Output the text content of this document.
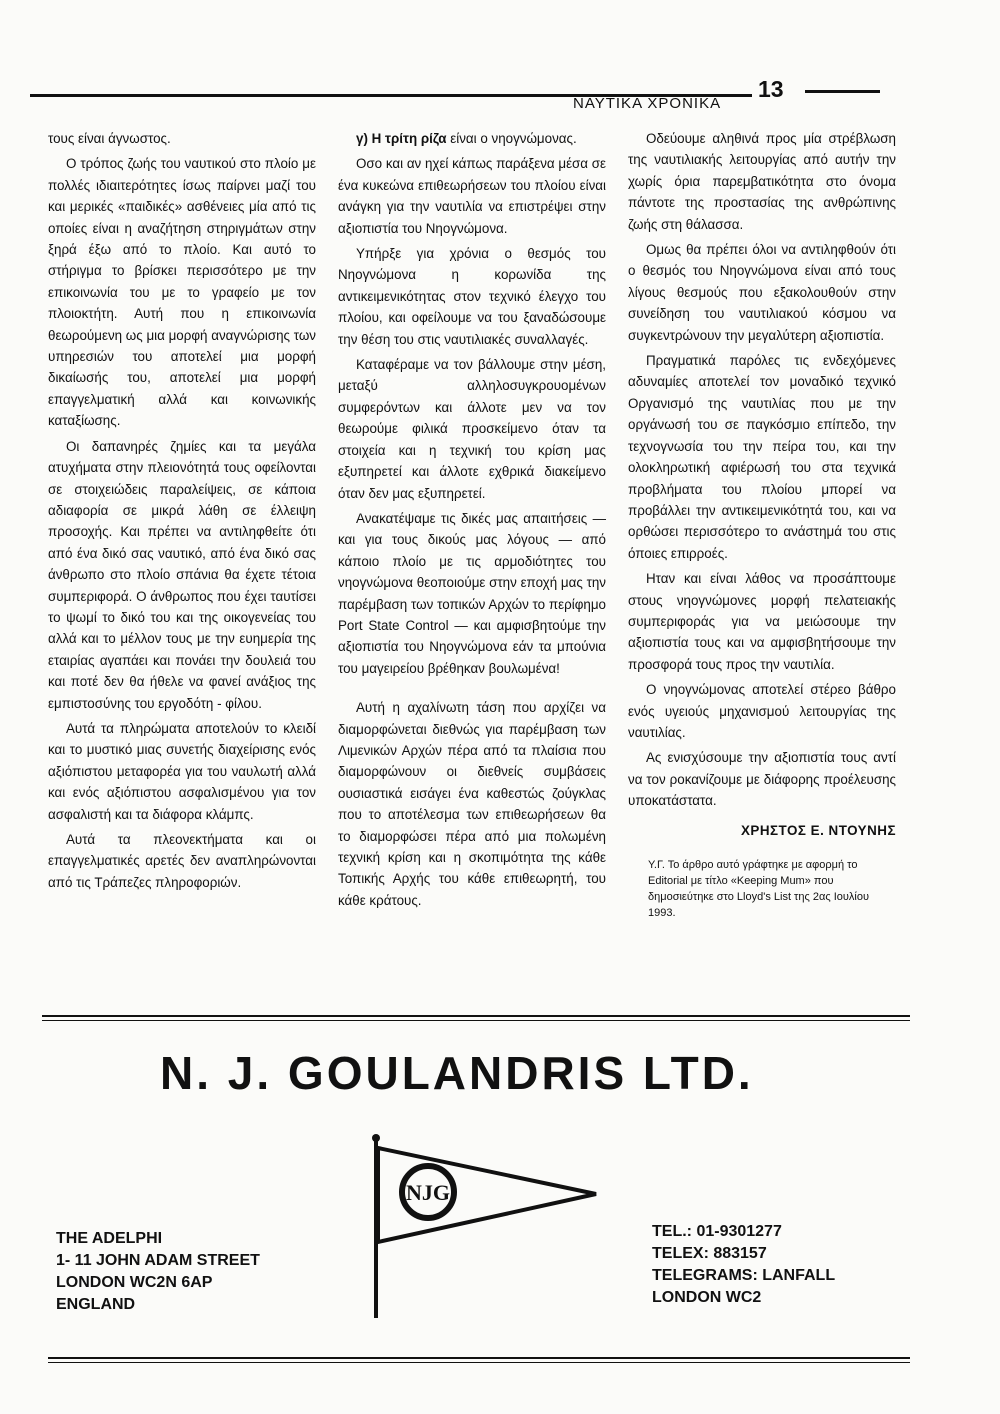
13
ΝΑΥΤΙΚΑ ΧΡΟΝΙΚΑ

τους είναι άγνωστος.

Ο τρόπος ζωής του ναυτικού στο πλοίο με πολλές ιδιαιτερότητες ίσως παίρνει μαζί του και μερικές «παιδικές» ασθένειες μία από τις οποίες είναι η αναζήτηση στηριγμάτων στην ξηρά έξω από το πλοίο. Και αυτό το στήριγμα το βρίσκει περισσότερο με την επικοινωνία του με το γραφείο με τον πλοιοκτήτη. Αυτή που η επικοινωνία θεωρούμενη ως μια μορφή αναγνώρισης των υπηρεσιών του αποτελεί μια μορφή δικαίωσής του, αποτελεί μια μορφή επαγγελματική αλλά και κοινωνικής καταξίωσης.

Οι δαπανηρές ζημίες και τα μεγάλα ατυχήματα στην πλειονότητά τους οφείλονται σε στοιχειώδεις παραλείψεις, σε κάποια αδιαφορία σε μικρά λάθη σε έλλειψη προσοχής. Και πρέπει να αντιληφθείτε ότι από ένα δικό σας ναυτικό, από ένα δικό σας άνθρωπο στο πλοίο σπάνια θα έχετε τέτοια συμπεριφορά. Ο άνθρωπος που έχει ταυτίσει το ψωμί το δικό του και της οικογενείας του αλλά και το μέλλον τους με την ευημερία της εταιρίας αγαπάει και πονάει την δουλειά του και ποτέ δεν θα ήθελε να φανεί ανάξιος της εμπιστοσύνης του εργοδότη - φίλου.

Αυτά τα πληρώματα αποτελούν το κλειδί και το μυστικό μιας συνετής διαχείρισης ενός αξιόπιστου μεταφορέα για του ναυλωτή αλλά και ενός αξιόπιστου ασφαλισμένου για τον ασφαλιστή και τα διάφορα κλάμπς.

Αυτά τα πλεονεκτήματα και οι επαγγελματικές αρετές δεν αναπληρώνονται από τις Τράπεζες πληροφοριών.

γ) Η τρίτη ρίζα είναι ο νηογνώμονας.

Οσο και αν ηχεί κάπως παράξενα μέσα σε ένα κυκεώνα επιθεωρήσεων του πλοίου είναι ανάγκη για την ναυτιλία να επιστρέψει στην αξιοπιστία του Νηογνώμονα.

Υπήρξε για χρόνια ο θεσμός του Νηογνώμονα η κορωνίδα της αντικειμενικότητας στον τεχνικό έλεγχο του πλοίου, και οφείλουμε να του ξαναδώσουμε την θέση του στις ναυτιλιακές συναλλαγές.

Καταφέραμε να τον βάλλουμε στην μέση, μεταξύ αλληλοσυγκρουομένων συμφερόντων και άλλοτε μεν να τον θεωρούμε φιλικά προσκείμενο όταν τα στοιχεία και η τεχνική του κρίση μας εξυπηρετεί και άλλοτε εχθρικά διακείμενο όταν δεν μας εξυπηρετεί.

Ανακατέψαμε τις δικές μας απαιτήσεις — και για τους δικούς μας λόγους — από κάποιο πλοίο με τις αρμοδιότητες του νηογνώμονα θεοποιούμε στην εποχή μας την παρέμβαση των τοπικών Αρχών το περίφημο Port State Control — και αμφισβητούμε την αξιοπιστία του Νηογνώμονα εάν τα μπούνια του μαγειρείου βρέθηκαν βουλωμένα!

Αυτή η αχαλίνωτη τάση που αρχίζει να διαμορφώνεται διεθνώς για παρέμβαση των Λιμενικών Αρχών πέρα από τα πλαίσια που διαμορφώνουν οι διεθνείς συμβάσεις ουσιαστικά εισάγει ένα καθεστώς ζούγκλας που το αποτέλεσμα των επιθεωρήσεων θα το διαμορφώσει πέρα από μια πολωμένη τεχνική κρίση και η σκοπιμότητα της κάθε Τοπικής Αρχής του κάθε επιθεωρητή, του κάθε κράτους.

Οδεύουμε αληθινά προς μία στρέβλωση της ναυτιλιακής λειτουργίας από αυτήν την χωρίς όρια παρεμβατικότητα στο όνομα πάντοτε της προστασίας της ανθρώπινης ζωής στη θάλασσα.

Ομως θα πρέπει όλοι να αντιληφθούν ότι ο θεσμός του Νηογνώμονα είναι από τους λίγους θεσμούς που εξακολουθούν στην συνείδηση του ναυτιλιακού κόσμου να συγκεντρώνουν την μεγαλύτερη αξιοπιστία.

Πραγματικά παρόλες τις ενδεχόμενες αδυναμίες αποτελεί τον μοναδικό τεχνικό Οργανισμό της ναυτιλίας που με την οργάνωσή του σε παγκόσμιο επίπεδο, την τεχνογνωσία του την πείρα του, και την ολοκληρωτική αφιέρωσή του στα τεχνικά προβλήματα του πλοίου μπορεί να προβάλλει την αντικειμενικότητά του, και να ορθώσει περισσότερο το ανάστημά του στις όποιες επιρροές.

Ηταν και είναι λάθος να προσάπτουμε στους νηογνώμονες μορφή πελατειακής συμπεριφοράς για να μειώσουμε την αξιοπιστία τους και να αμφισβητήσουμε την προσφορά τους προς την ναυτιλία.

Ο νηογνώμονας αποτελεί στέρεο βάθρο ενός υγειούς μηχανισμού λειτουργίας της ναυτιλίας.

Ας ενισχύσουμε την αξιοπιστία τους αντί να τον ροκανίζουμε με διάφορης προέλευσης υποκατάστατα.

ΧΡΗΣΤΟΣ Ε. ΝΤΟΥΝΗΣ
Υ.Γ. Το άρθρο αυτό γράφτηκε με αφορμή το Editorial με τίτλο «Keeping Mum» που δημοσιεύτηκε στο Lloyd's List της 2ας Ιουλίου 1993.
N. J. GOULANDRIS LTD.
NJG
THE ADELPHI
1- 11 JOHN ADAM STREET
LONDON WC2N 6AP
ENGLAND
TEL.: 01-9301277
TELEX: 883157
TELEGRAMS: LANFALL
LONDON WC2
